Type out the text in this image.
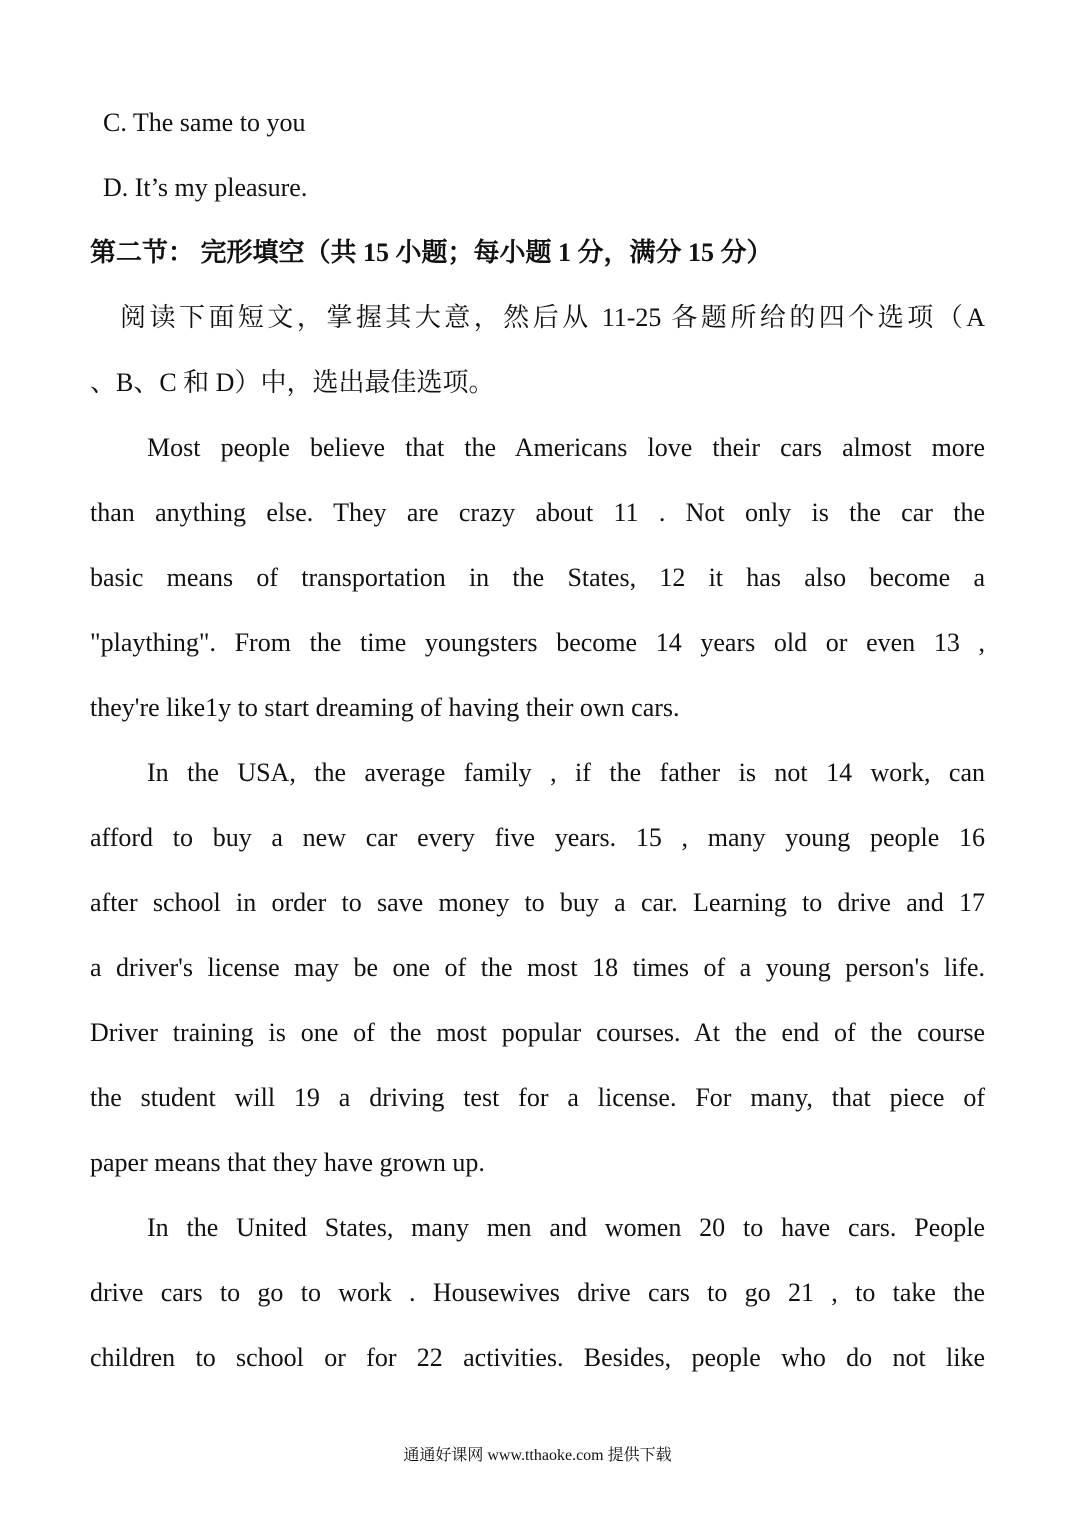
C. The same to you
D. It’s my pleasure.
第二节： 完形填空（共 15 小题；每小题 1 分，满分 15 分）
阅读下面短文，掌握其大意，然后从 11-25 各题所给的四个选项（A
、B、C 和 D）中，选出最佳选项。
Most people believe that the Americans love their cars almost more
than anything else. They are crazy about 11 . Not only is the car the
basic means of transportation in the States, 12 it has also become a
"plaything". From the time youngsters become 14 years old or even 13 ,
they're like1y to start dreaming of having their own cars.
In the USA, the average family , if the father is not 14 work, can
afford to buy a new car every five years. 15 , many young people 16
after school in order to save money to buy a car. Learning to drive and 17
a driver's license may be one of the most 18 times of a young person's life.
Driver training is one of the most popular courses. At the end of the course
the student will 19 a driving test for a license. For many, that piece of
paper means that they have grown up.
In the United States, many men and women 20 to have cars. People
drive cars to go to work . Housewives drive cars to go 21 , to take the
children to school or for 22 activities. Besides, people who do not like
通通好课网 www.tthaoke.com 提供下载
